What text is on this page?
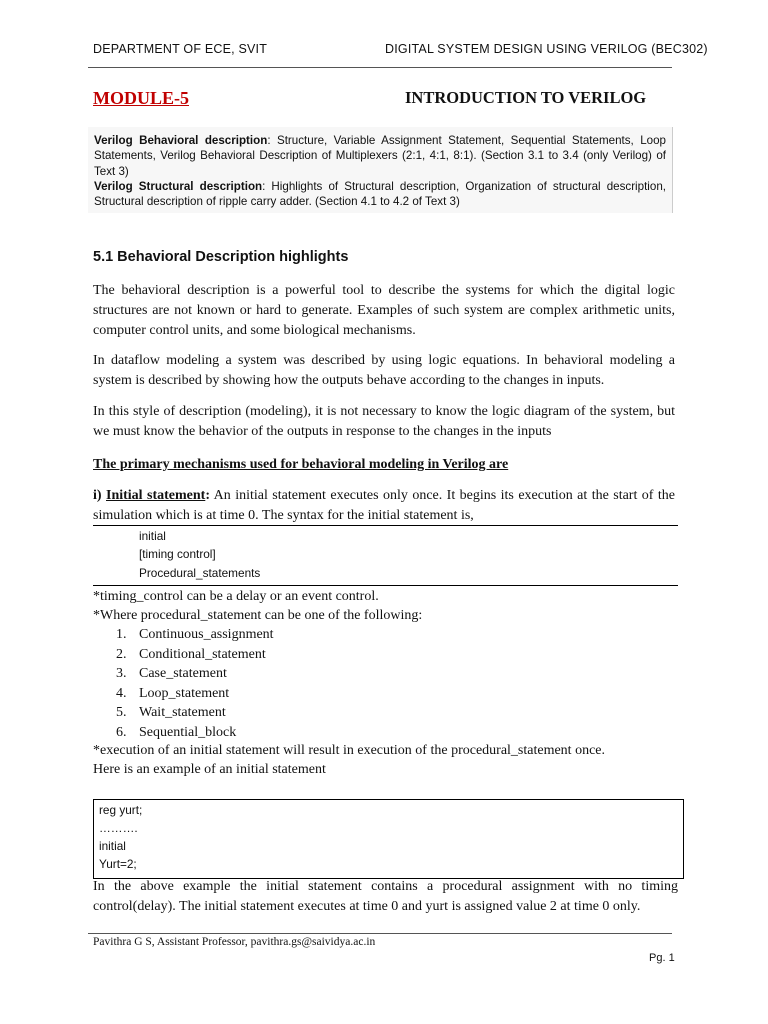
DEPARTMENT OF ECE, SVIT	DIGITAL SYSTEM DESIGN USING VERILOG (BEC302)
MODULE-5	INTRODUCTION TO VERILOG
Verilog Behavioral description: Structure, Variable Assignment Statement, Sequential Statements, Loop Statements, Verilog Behavioral Description of Multiplexers (2:1, 4:1, 8:1). (Section 3.1 to 3.4 (only Verilog) of Text 3)
Verilog Structural description: Highlights of Structural description, Organization of structural description, Structural description of ripple carry adder. (Section 4.1 to 4.2 of Text 3)
5.1 Behavioral Description highlights
The behavioral description is a powerful tool to describe the systems for which the digital logic structures are not known or hard to generate. Examples of such system are complex arithmetic units, computer control units, and some biological mechanisms.
In dataflow modeling a system was described by using logic equations. In behavioral modeling a system is described by showing how the outputs behave according to the changes in inputs.
In this style of description (modeling), it is not necessary to know the logic diagram of the system, but we must know the behavior of the outputs in response to the changes in the inputs
The primary mechanisms used for behavioral modeling in Verilog are
i) Initial statement: An initial statement executes only once. It begins its execution at the start of the simulation which is at time 0. The syntax for the initial statement is,
initial
[timing control]
Procedural_statements
*timing_control can be a delay or an event control.
*Where procedural_statement can be one of the following:
1. Continuous_assignment
2. Conditional_statement
3. Case_statement
4. Loop_statement
5. Wait_statement
6. Sequential_block
*execution of an initial statement will result in execution of the procedural_statement once.
Here is an example of an initial statement
reg yurt;
……….
initial
Yurt=2;
In the above example the initial statement contains a procedural assignment with no timing control(delay). The initial statement executes at time 0 and yurt is assigned value 2 at time 0 only.
Pavithra G S, Assistant Professor, pavithra.gs@saividya.ac.in
Pg. 1
